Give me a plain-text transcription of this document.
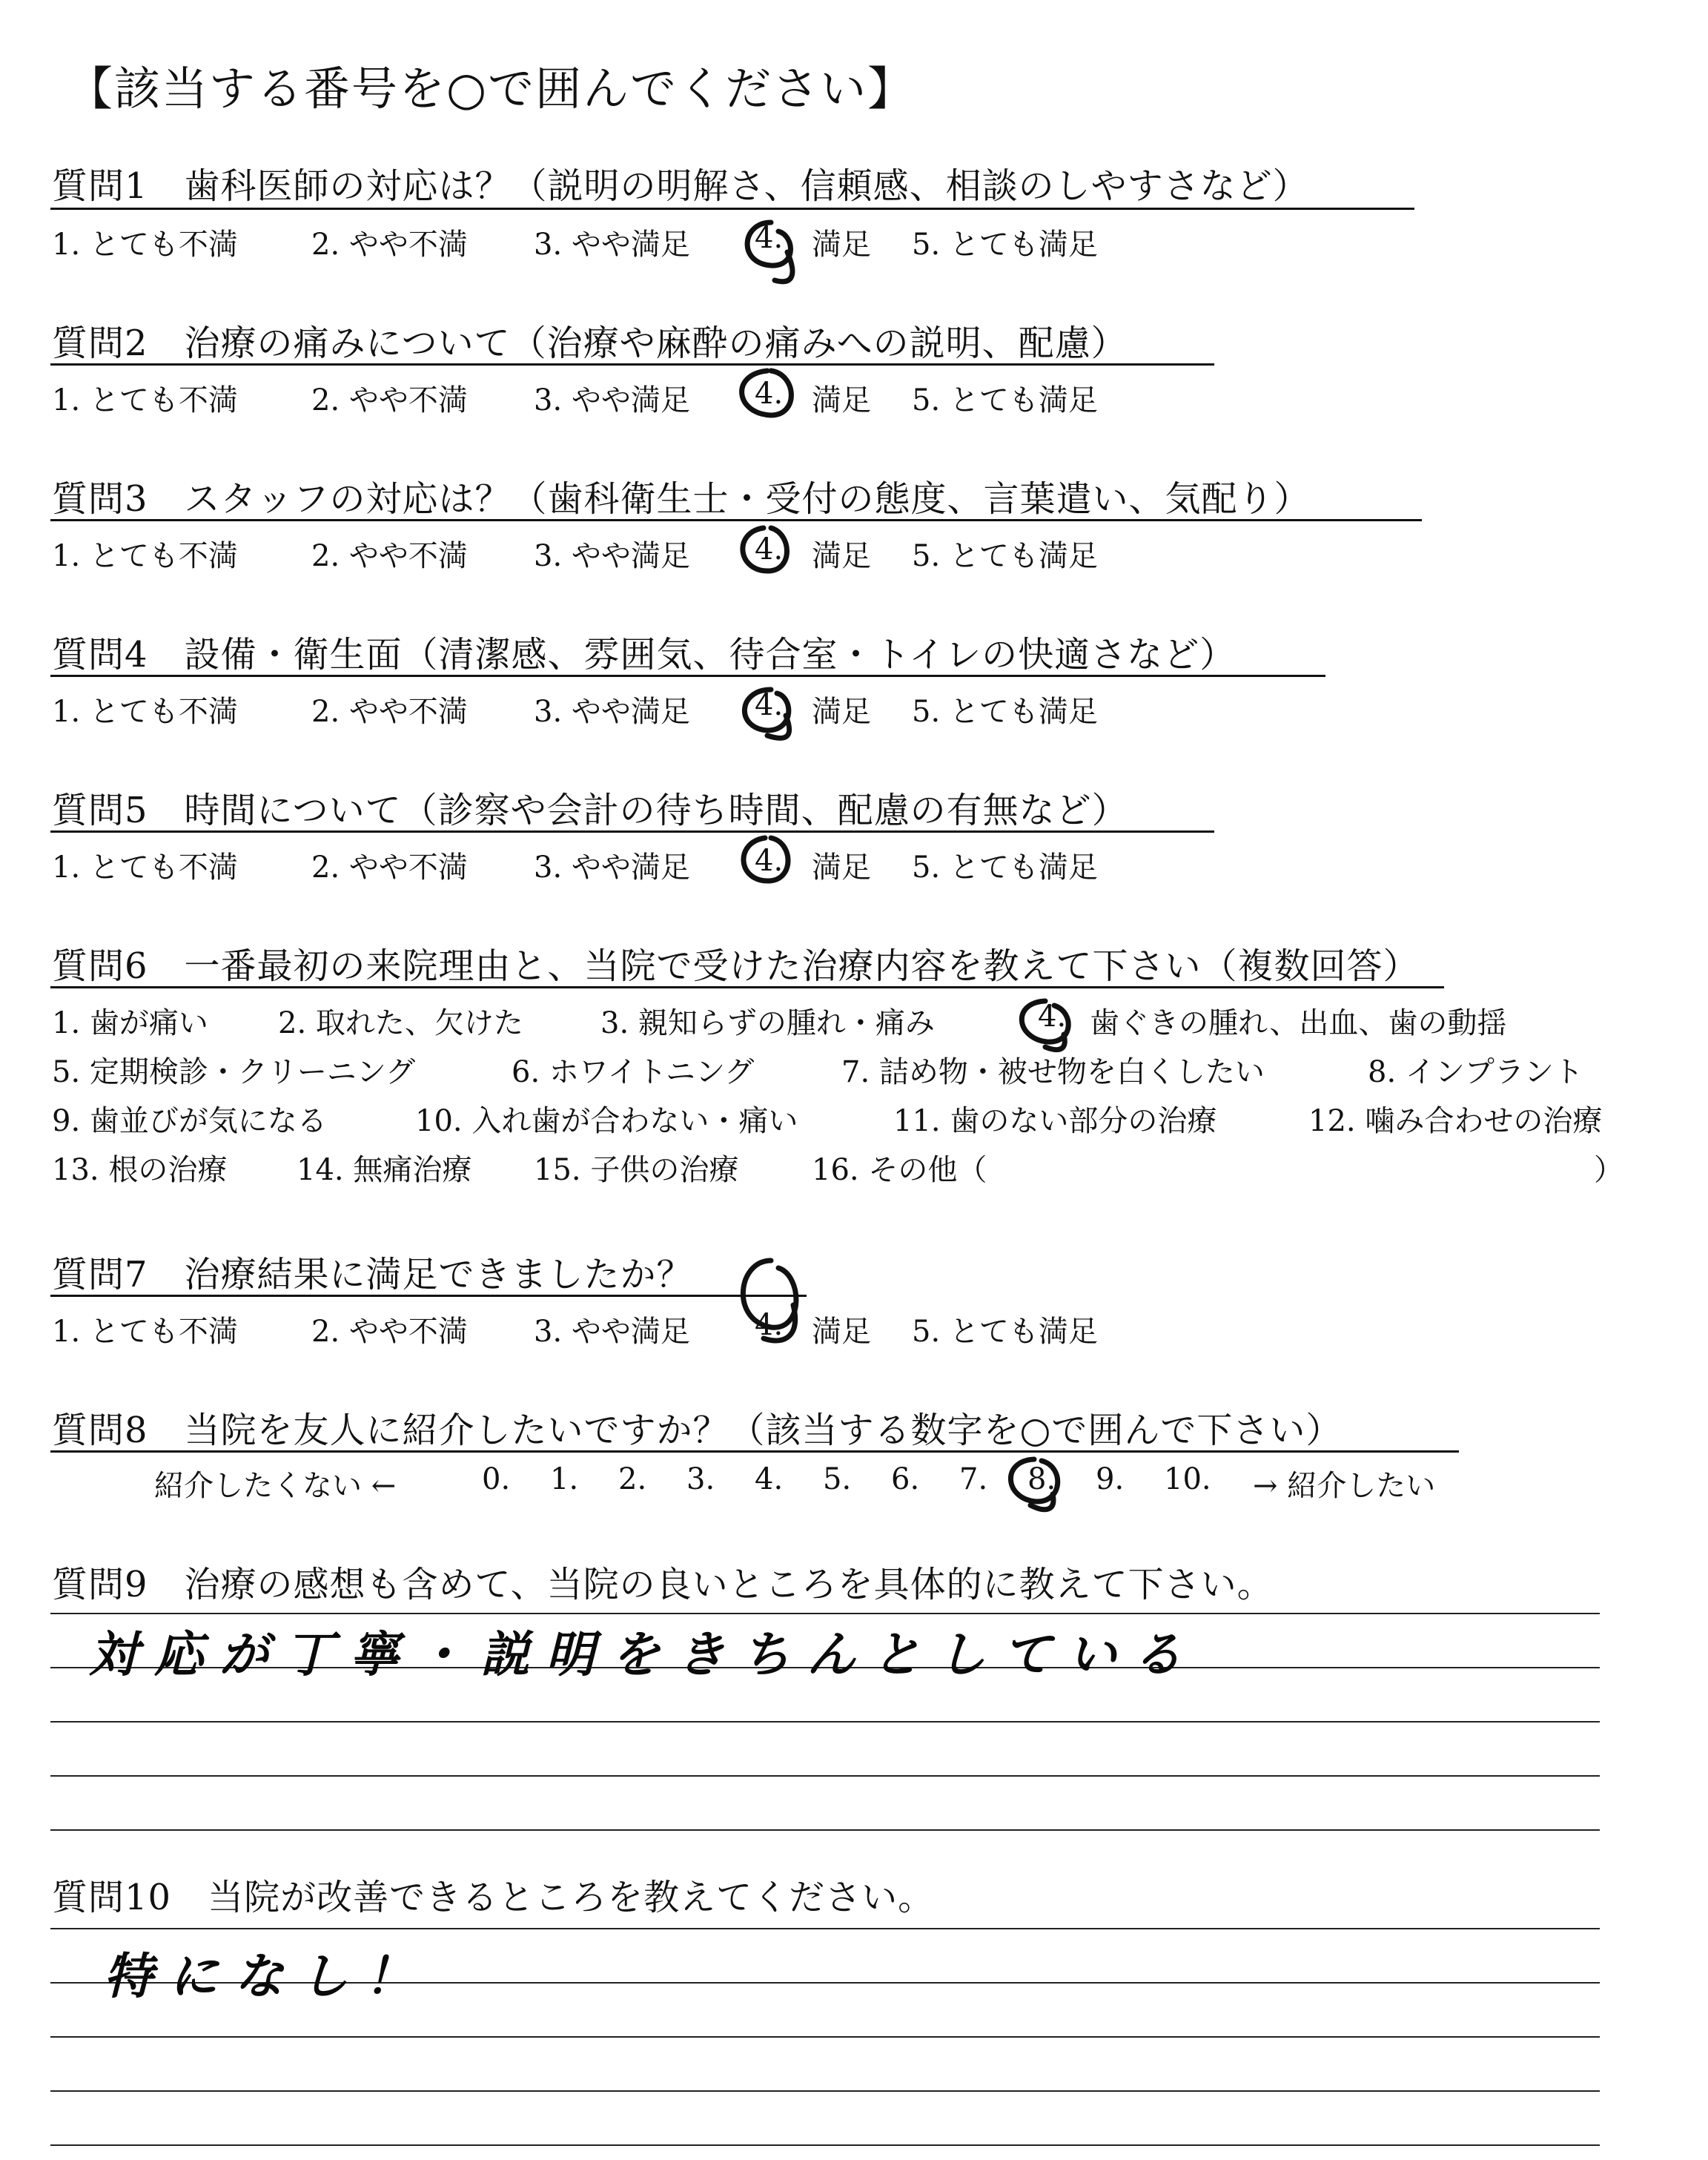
【該当する番号を○で囲んでください】
質問1　歯科医師の対応は？（説明の明解さ、信頼感、相談のしやすさなど）
1. とても不満 2. やや不満 3. やや満足 4. 満足 5. とても満足
質問2　治療の痛みについて（治療や麻酔の痛みへの説明、配慮）
1. とても不満 2. やや不満 3. やや満足 4. 満足 5. とても満足
質問3　スタッフの対応は？（歯科衛生士・受付の態度、言葉遣い、気配り）
1. とても不満 2. やや不満 3. やや満足 4. 満足 5. とても満足
質問4　設備・衛生面（清潔感、雰囲気、待合室・トイレの快適さなど）
1. とても不満 2. やや不満 3. やや満足 4. 満足 5. とても満足
質問5　時間について（診察や会計の待ち時間、配慮の有無など）
1. とても不満 2. やや不満 3. やや満足 4. 満足 5. とても満足
質問6　一番最初の来院理由と、当院で受けた治療内容を教えて下さい（複数回答）
1. 歯が痛い 2. 取れた、欠けた	3. 親知らずの腫れ・痛み	4. 歯ぐきの腫れ、出血、歯の動揺
5. 定期検診・クリーニング	6. ホワイトニング	7. 詰め物・被せ物を白くしたい	8. インプラント
9. 歯並びが気になる	10. 入れ歯が合わない・痛い	11. 歯のない部分の治療	12. 噛み合わせの治療
13. 根の治療 14. 無痛治療 15. 子供の治療 16. その他（	）
質問7　治療結果に満足できましたか？
1. とても不満 2. やや不満 3. やや満足 4. 満足 5. とても満足
質問8　当院を友人に紹介したいですか？（該当する数字を○で囲んで下さい）
紹介したくない ←	0. 1. 2. 3. 4. 5. 6. 7. 8. 9. 10. → 紹介したい
質問9　治療の感想も含めて、当院の良いところを具体的に教えて下さい。
対応が丁寧・説明をきちんとしている
質問10　当院が改善できるところを教えてください。
特になし！
